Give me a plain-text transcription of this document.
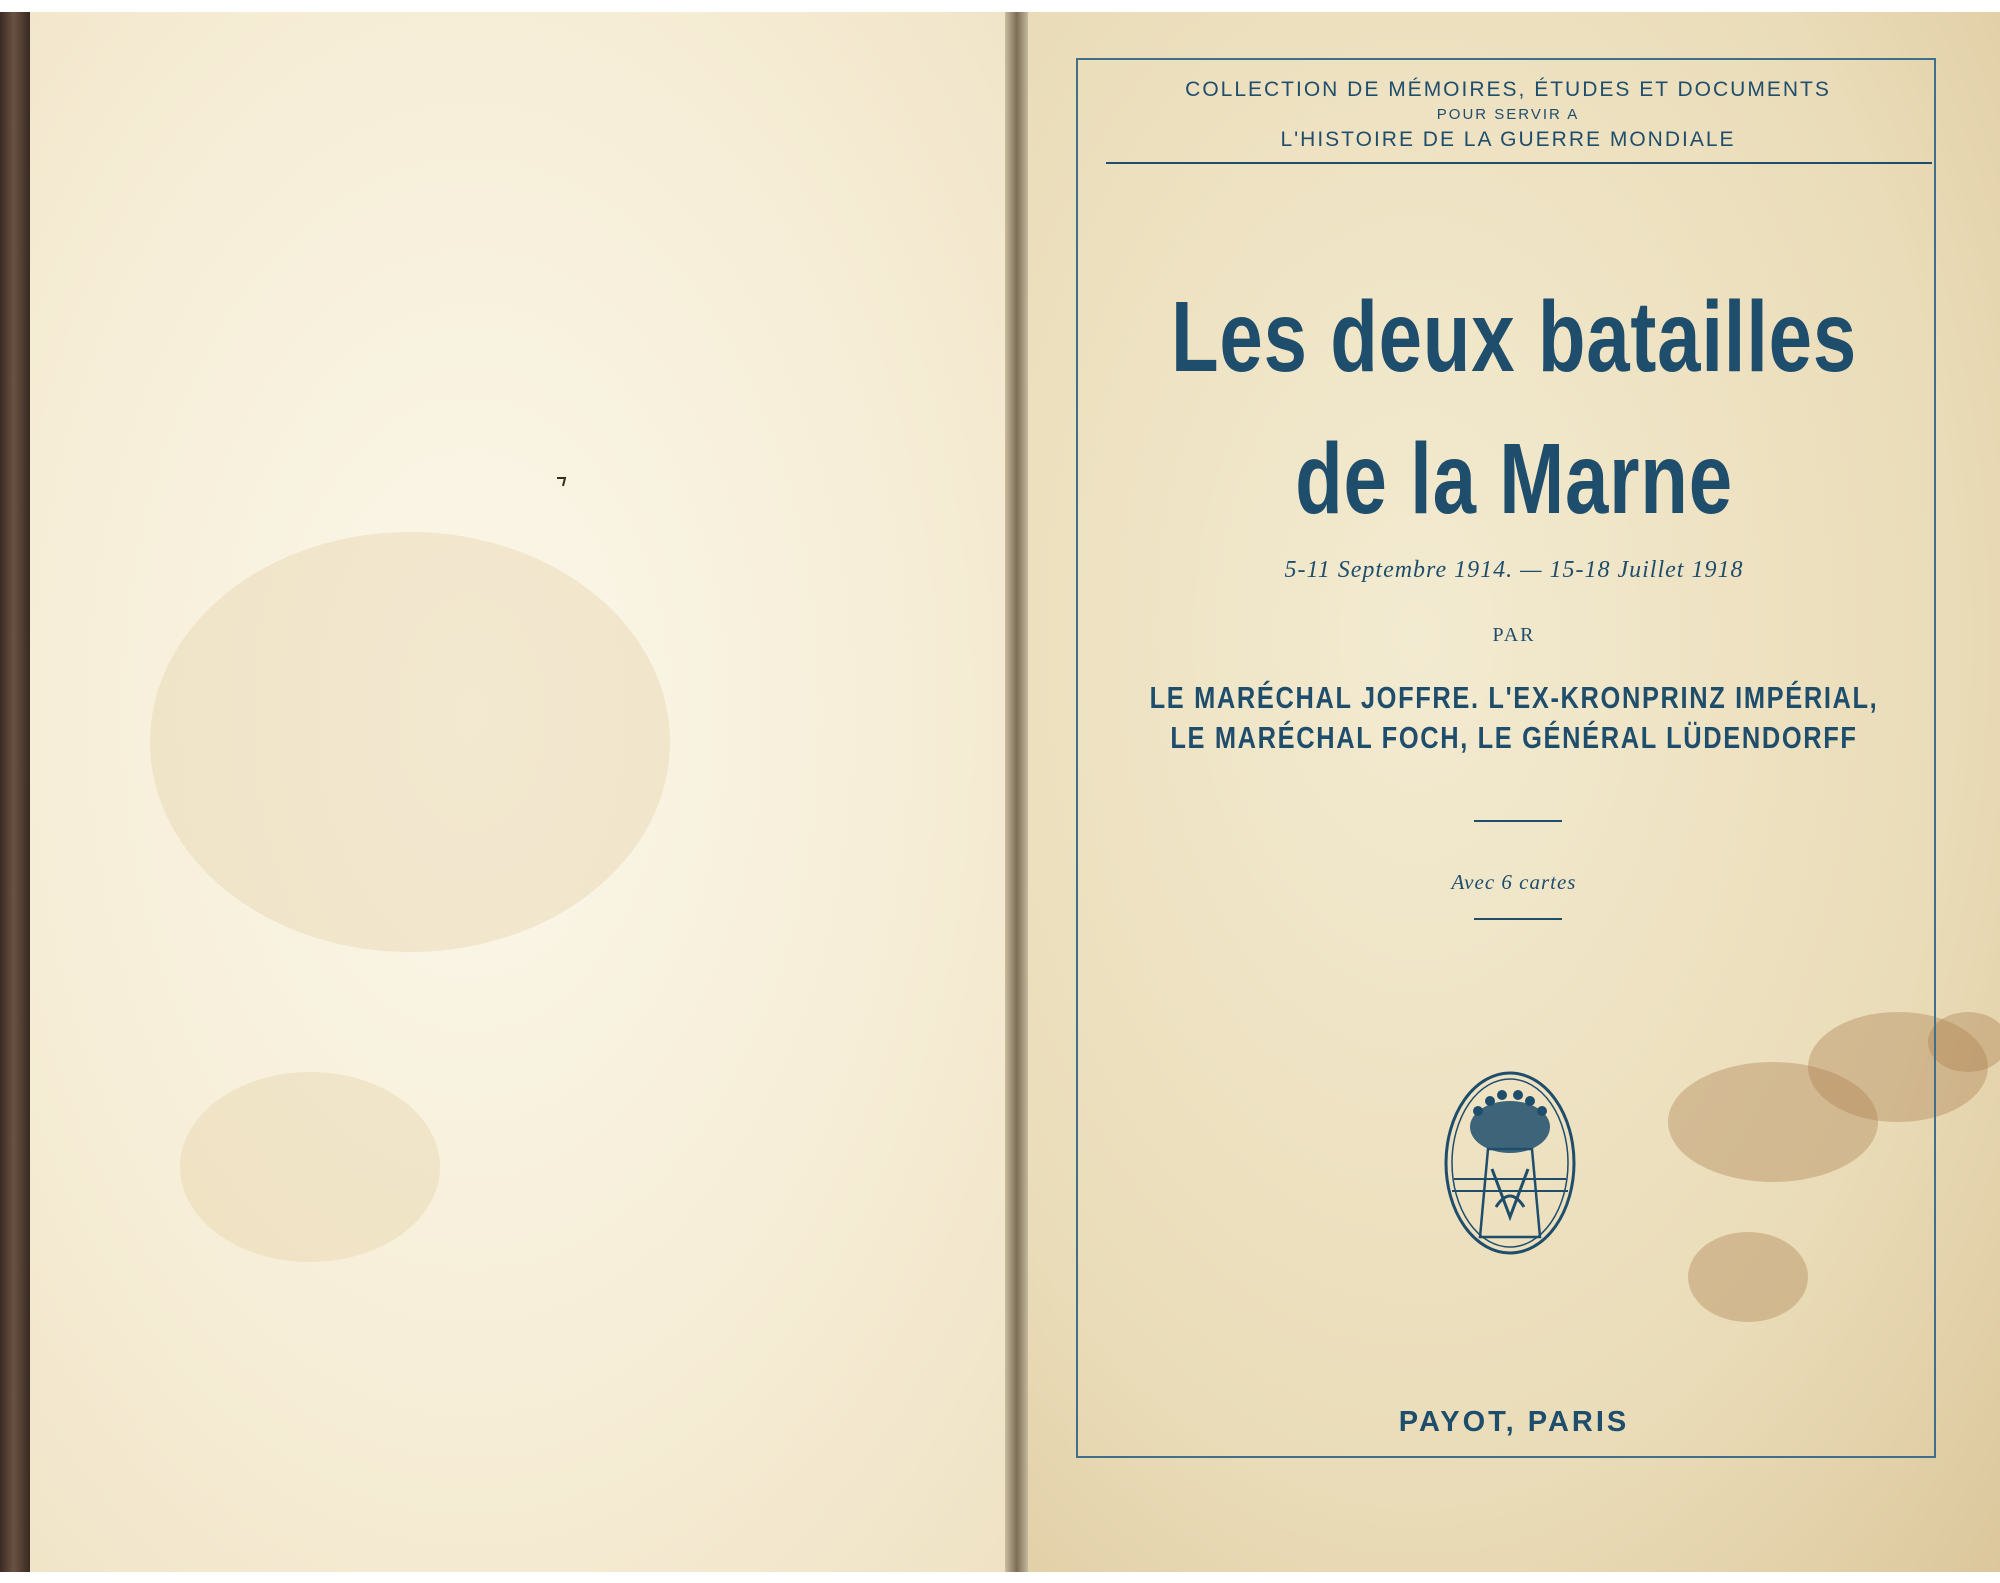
COLLECTION DE MÉMOIRES, ÉTUDES ET DOCUMENTS
POUR SERVIR A
L'HISTOIRE DE LA GUERRE MONDIALE
Les deux batailles
de la Marne
5-11 Septembre 1914. — 15-18 Juillet 1918
PAR
LE MARÉCHAL JOFFRE. L'EX-KRONPRINZ IMPÉRIAL,
LE MARÉCHAL FOCH, LE GÉNÉRAL LÜDENDORFF
Avec 6 cartes
PAYOT, PARIS
